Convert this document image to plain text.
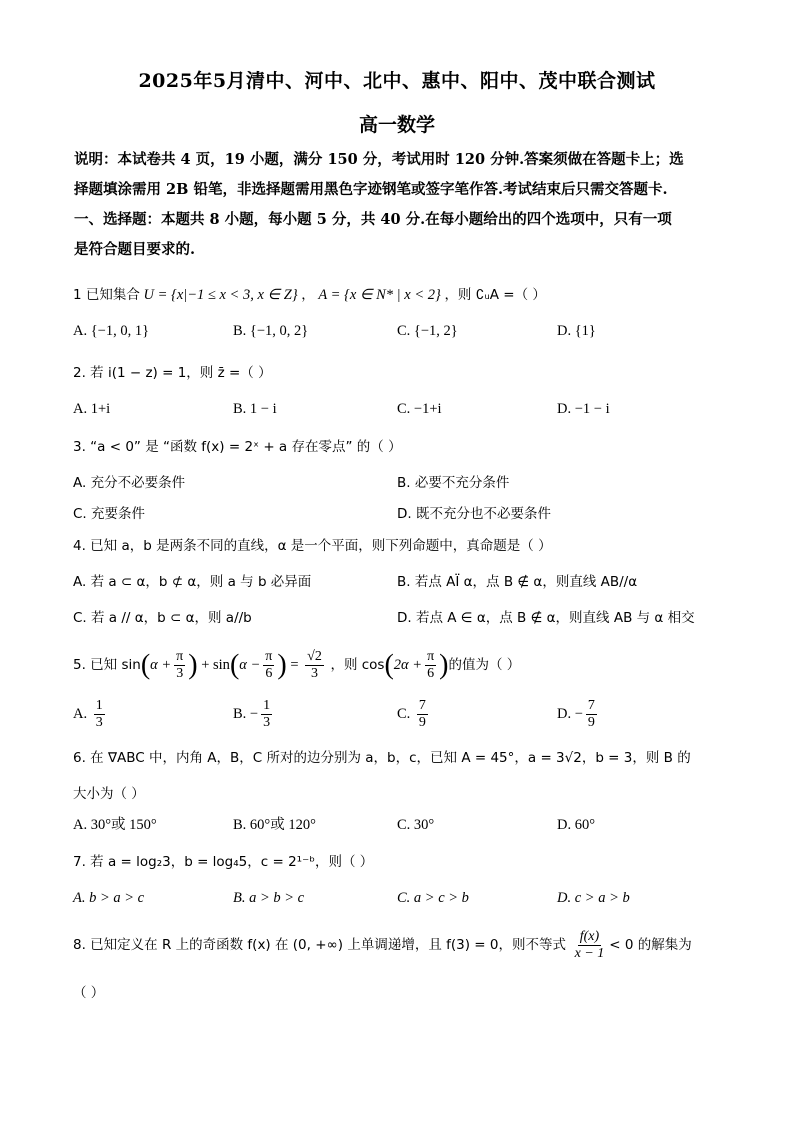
2025年5月清中、河中、北中、惠中、阳中、茂中联合测试
高一数学
说明：本试卷共 4 页，19 小题，满分 150 分，考试用时 120 分钟.答案须做在答题卡上；选
择题填涂需用 2B 铅笔，非选择题需用黑色字迹钢笔或签字笔作答.考试结束后只需交答题卡.
一、选择题：本题共 8 小题，每小题 5 分，共 40 分.在每小题给出的四个选项中，只有一项
是符合题目要求的.
1 已知集合 U = {x|−1 ≤ x < 3, x ∈ Z} ， A = {x ∈ N* | x < 2} ，则 ∁ᵤA =（ ）
A. {−1, 0, 1}	B. {−1, 0, 2}	C. {−1, 2}	D. {1}
2. 若 i(1 − z) = 1，则 z̄ =（ ）
A. 1+i	B. 1 − i	C. −1+i	D. −1 − i
3. “a < 0” 是 “函数 f(x) = 2ˣ + a 存在零点” 的（ ）
A. 充分不必要条件	B. 必要不充分条件
C. 充要条件	D. 既不充分也不必要条件
4. 已知 a，b 是两条不同的直线，α 是一个平面，则下列命题中，真命题是（ ）
A. 若 a ⊂ α，b ⊄ α，则 a 与 b 必异面	B. 若点 AÏ α，点 B ∉ α，则直线 AB//α
C. 若 a // α，b ⊂ α，则 a//b	D. 若点 A ∈ α，点 B ∉ α，则直线 AB 与 α 相交
5. 已知 $\sin(\alpha + \frac{\pi}{3}$ ) + $\sin(\alpha - \frac{\pi}{6}$ ) = $\frac{√2}{3}$ ，则 $\cos(2\alpha + \frac{\pi}{6}$ )的值为（ ）
A. $\frac{1}{3}$	B. − $\frac{1}{3}$	C. $\frac{7}{9}$	D. − $\frac{7}{9}$
6. 在 ∇ABC 中，内角 A，B，C 所对的边分别为 a，b，c，已知 A = 45°，a = 3√2，b = 3，则 B 的
大小为（ ）
A. 30°或 150°	B. 60°或 120°	C. 30°	D. 60°
7. 若 a = log₂3，b = log₄5，c = 2¹⁻ᵇ，则（ ）
A. b > a > c	B. a > b > c	C. a > c > b	D. c > a > b
8. 已知定义在 R 上的奇函数 f(x) 在 (0, +∞) 上单调递增，且 f(3) = 0，则不等式 $\frac{f(x)}{x - 1} < 0$ 的解集为
（ ）
